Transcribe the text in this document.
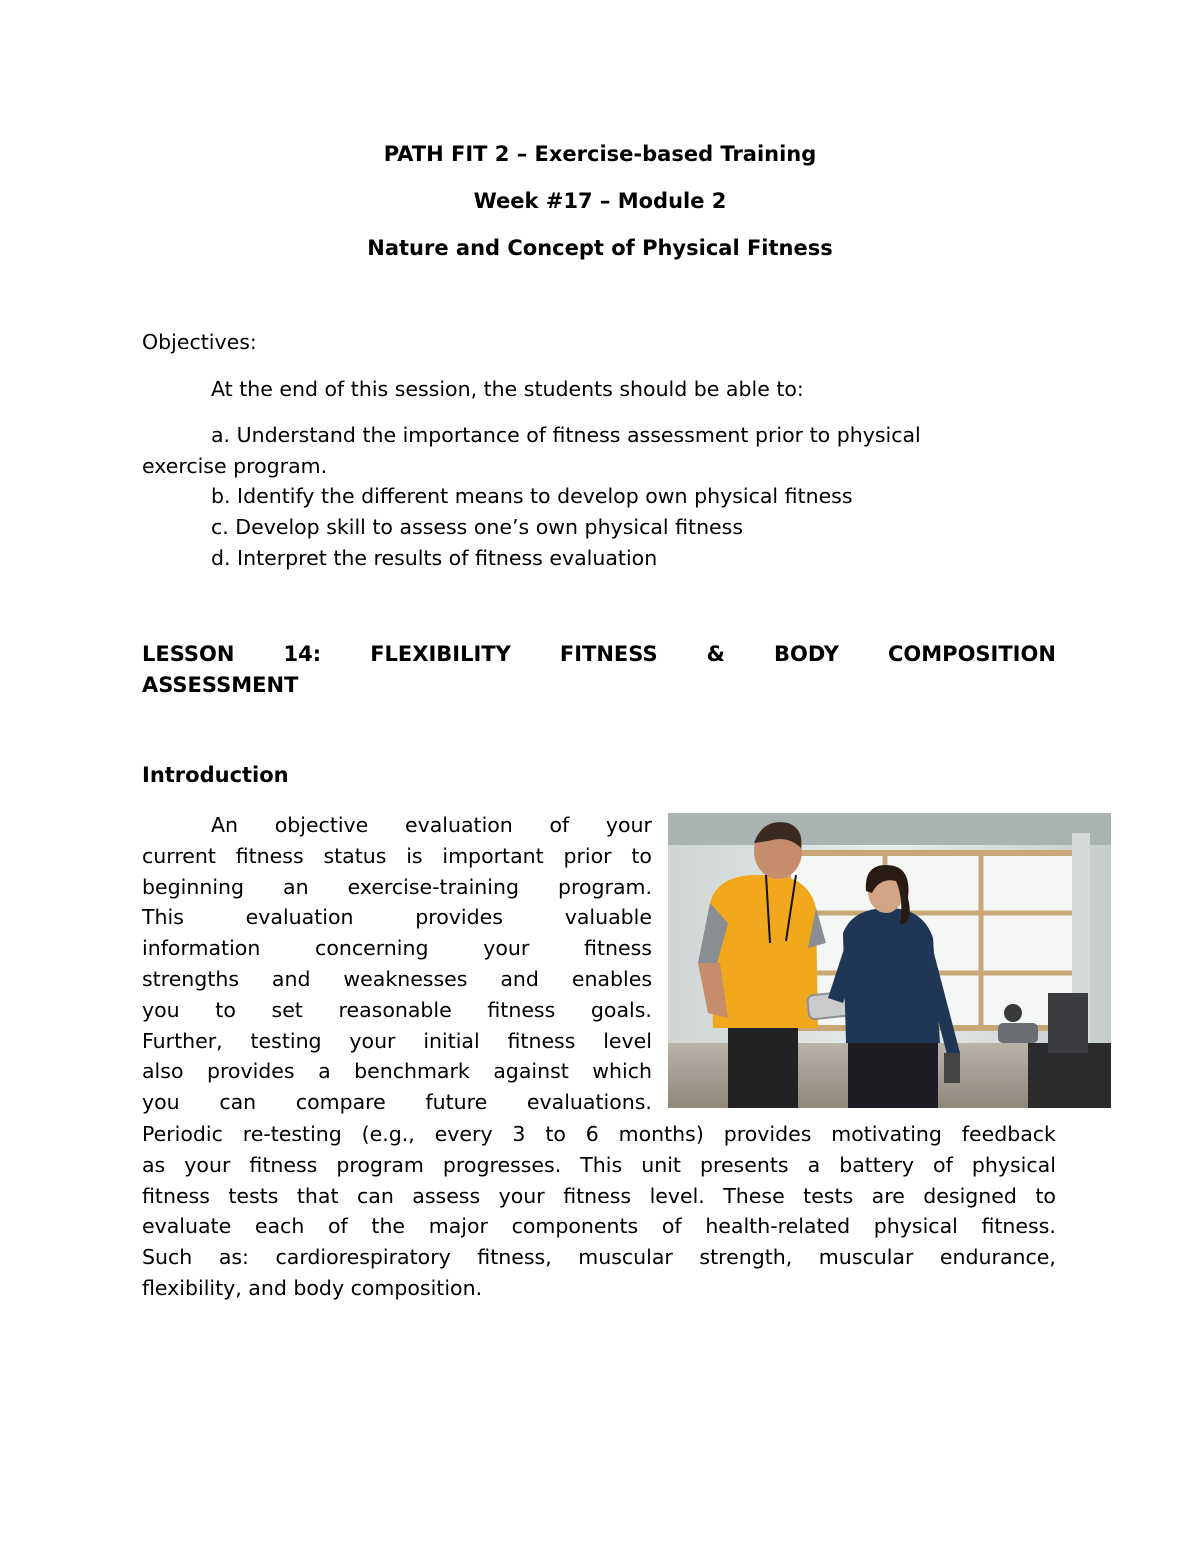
PATH FIT 2 – Exercise-based Training
Week #17 – Module 2
Nature and Concept of Physical Fitness
Objectives:
At the end of this session, the students should be able to:
a. Understand the importance of fitness assessment prior to physical
exercise program.
b. Identify the different means to develop own physical fitness
c. Develop skill to assess one’s own physical fitness
d. Interpret the results of fitness evaluation
LESSON 14: FLEXIBILITY FITNESS & BODY COMPOSITION
ASSESSMENT
Introduction
An objective evaluation of your
current fitness status is important prior to
beginning an exercise-training program.
This	evaluation	provides	valuable
information	concerning	your	fitness
strengths and weaknesses and enables
you to set reasonable fitness goals.
Further, testing your initial fitness level
also provides a benchmark against which
you can compare future evaluations.
Periodic re-testing (e.g., every 3 to 6 months) provides motivating feedback
as your fitness program progresses. This unit presents a battery of physical
fitness tests that can assess your fitness level. These tests are designed to
evaluate each of the major components of health-related physical fitness.
Such as: cardiorespiratory fitness, muscular strength, muscular endurance,
flexibility, and body composition.
